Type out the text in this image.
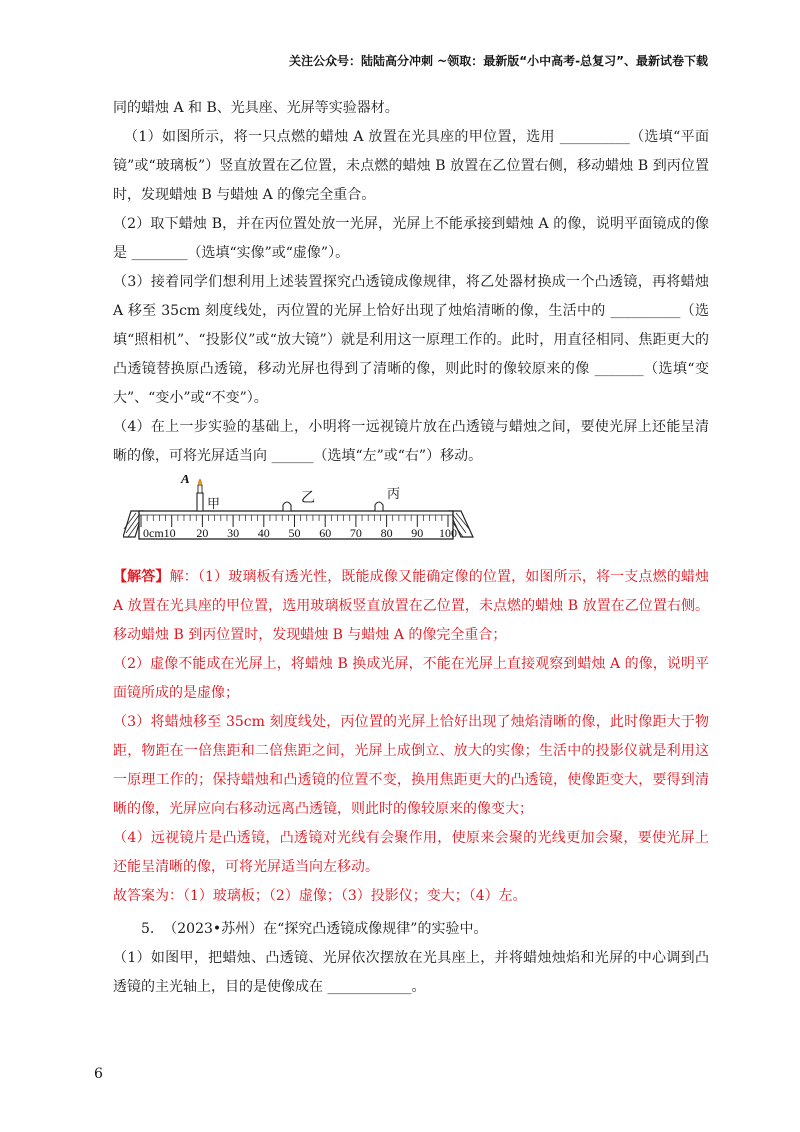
关注公众号：陆陆高分冲刺 ~领取：最新版“小中高考-总复习”、最新试卷下载

同的蜡烛 A 和 B、光具座、光屏等实验器材。

（1）如图所示，将一只点燃的蜡烛 A 放置在光具座的甲位置，选用 __________（选填“平面镜”或“玻璃板”）竖直放置在乙位置，未点燃的蜡烛 B 放置在乙位置右侧，移动蜡烛 B 到丙位置时，发现蜡烛 B 与蜡烛 A 的像完全重合。

（2）取下蜡烛 B，并在丙位置处放一光屏，光屏上不能承接到蜡烛 A 的像，说明平面镜成的像是 ________（选填“实像”或“虚像”）。

（3）接着同学们想利用上述装置探究凸透镜成像规律，将乙处器材换成一个凸透镜，再将蜡烛 A 移至 35cm 刻度线处，丙位置的光屏上恰好出现了烛焰清晰的像，生活中的 __________（选填“照相机”、“投影仪”或“放大镜”）就是利用这一原理工作的。此时，用直径相同、焦距更大的凸透镜替换原凸透镜，移动光屏也得到了清晰的像，则此时的像较原来的像 _______（选填“变大”、“变小”或“不变”）。

（4）在上一步实验的基础上，小明将一远视镜片放在凸透镜与蜡烛之间，要使光屏上还能呈清晰的像，可将光屏适当向 ______（选填“左”或“右”）移动。

0cm10 20 30 40 50 60 70 80 90 100
A
甲	乙	丙

【解答】解：（1）玻璃板有透光性，既能成像又能确定像的位置，如图所示，将一支点燃的蜡烛 A 放置在光具座的甲位置，选用玻璃板竖直放置在乙位置，未点燃的蜡烛 B 放置在乙位置右侧。移动蜡烛 B 到丙位置时，发现蜡烛 B 与蜡烛 A 的像完全重合；

（2）虚像不能成在光屏上，将蜡烛 B 换成光屏，不能在光屏上直接观察到蜡烛 A 的像，说明平面镜所成的是虚像；

（3）将蜡烛移至 35cm 刻度线处，丙位置的光屏上恰好出现了烛焰清晰的像，此时像距大于物距，物距在一倍焦距和二倍焦距之间，光屏上成倒立、放大的实像；生活中的投影仪就是利用这一原理工作的；保持蜡烛和凸透镜的位置不变，换用焦距更大的凸透镜，使像距变大，要得到清晰的像，光屏应向右移动远离凸透镜，则此时的像较原来的像变大；

（4）远视镜片是凸透镜，凸透镜对光线有会聚作用，使原来会聚的光线更加会聚，要使光屏上还能呈清晰的像，可将光屏适当向左移动。

故答案为：（1）玻璃板；（2）虚像；（3）投影仪；变大；（4）左。

5. （2023•苏州）在“探究凸透镜成像规律”的实验中。

（1）如图甲，把蜡烛、凸透镜、光屏依次摆放在光具座上，并将蜡烛烛焰和光屏的中心调到凸透镜的主光轴上，目的是使像成在 ____________。

6
